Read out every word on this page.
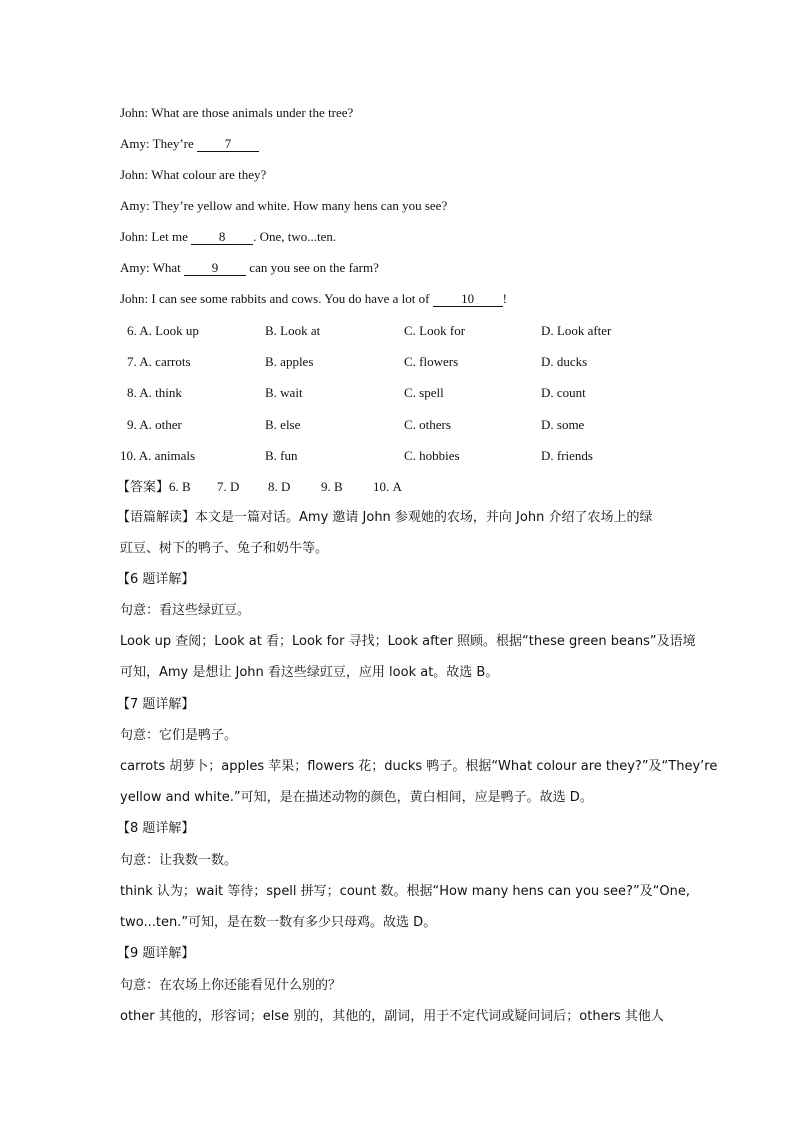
John: What are those animals under the tree?
Amy: They’re 7
John: What colour are they?
Amy: They’re yellow and white. How many hens can you see?
John: Let me 8 . One, two...ten.
Amy: What 9 can you see on the farm?
John: I can see some rabbits and cows. You do have a lot of 10 !
6. A. Look up	B. Look at	C. Look for	D. Look after
7. A. carrots	B. apples	C. flowers	D. ducks
8. A. think	B. wait	C. spell	D. count
9. A. other	B. else	C. others	D. some
10. A. animals	B. fun	C. hobbies	D. friends
【答案】6. B 7. D 8. D 9. B 10. A
【语篇解读】本文是一篇对话。Amy 邀请 John 参观她的农场，并向 John 介绍了农场上的绿
豇豆、树下的鸭子、兔子和奶牛等。
【6 题详解】
句意：看这些绿豇豆。
Look up 查阅；Look at 看；Look for 寻找；Look after 照顾。根据“these green beans”及语境
可知，Amy 是想让 John 看这些绿豇豆，应用 look at。故选 B。
【7 题详解】
句意：它们是鸭子。
carrots 胡萝卜；apples 苹果；flowers 花；ducks 鸭子。根据“What colour are they?”及“They’re
yellow and white.”可知，是在描述动物的颜色，黄白相间，应是鸭子。故选 D。
【8 题详解】
句意：让我数一数。
think 认为；wait 等待；spell 拼写；count 数。根据“How many hens can you see?”及“One,
two...ten.”可知，是在数一数有多少只母鸡。故选 D。
【9 题详解】
句意：在农场上你还能看见什么别的？
other 其他的，形容词；else 别的，其他的，副词，用于不定代词或疑问词后；others 其他人
